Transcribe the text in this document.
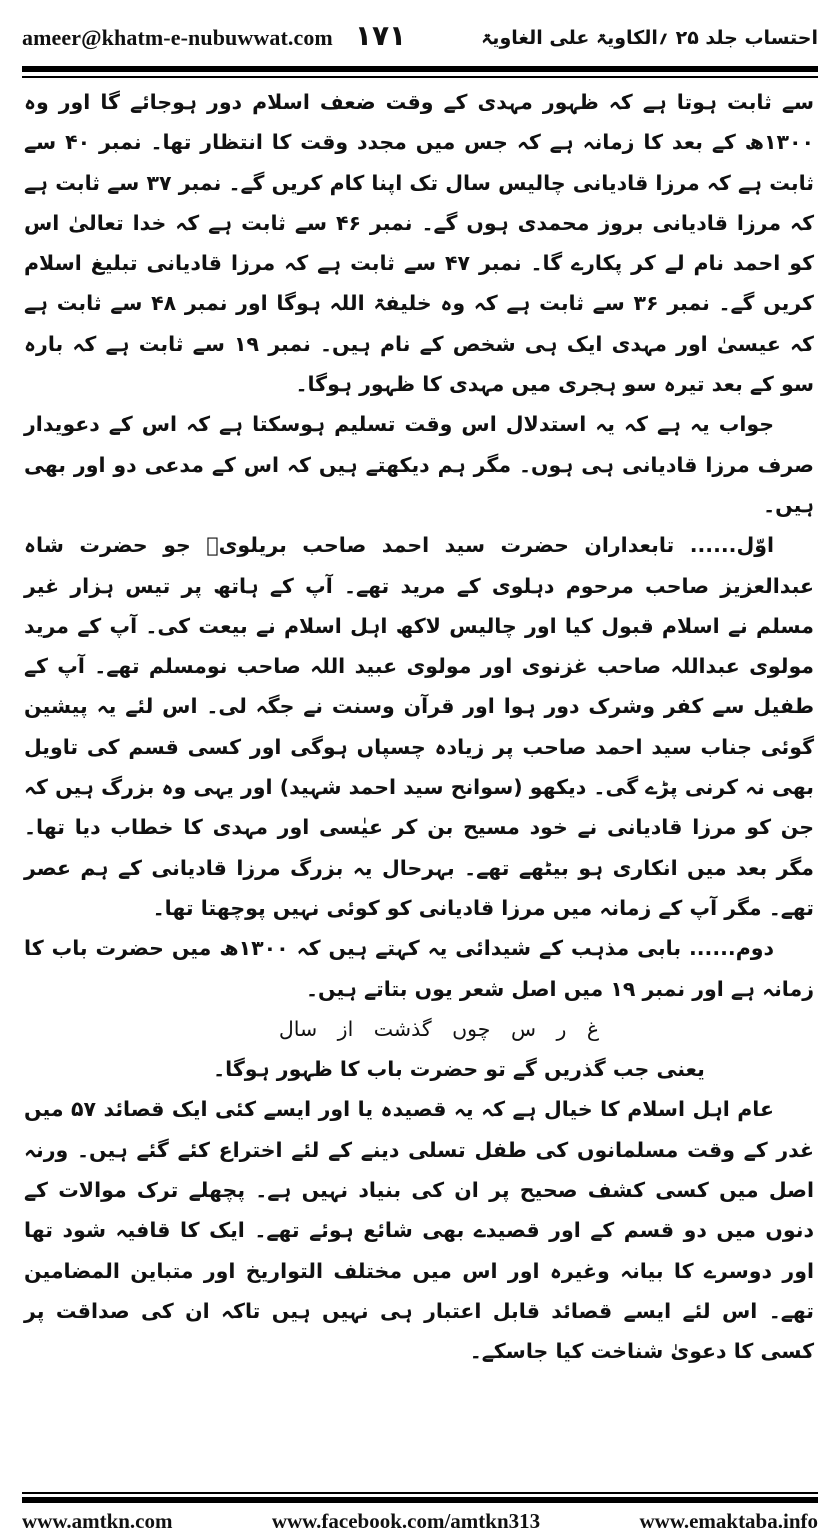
ameer@khatm-e-nubuwwat.com ۱۷۱	احتساب جلد ۲۵ ؍الکاویۃ علی الغاویۃ

سے ثابت ہوتا ہے کہ ظہور مہدی کے وقت ضعف اسلام دور ہوجائے گا اور وہ ۱۳۰۰ھ کے بعد کا زمانہ ہے کہ جس میں مجدد وقت کا انتظار تھا۔ نمبر ۴۰ سے ثابت ہے کہ مرزا قادیانی چالیس سال تک اپنا کام کریں گے۔ نمبر ۳۷ سے ثابت ہے کہ مرزا قادیانی بروز محمدی ہوں گے۔ نمبر ۴۶ سے ثابت ہے کہ خدا تعالیٰ اس کو احمد نام لے کر پکارے گا۔ نمبر ۴۷ سے ثابت ہے کہ مرزا قادیانی تبلیغ اسلام کریں گے۔ نمبر ۳۶ سے ثابت ہے کہ وہ خلیفۃ اللہ ہوگا اور نمبر ۴۸ سے ثابت ہے کہ عیسیٰ اور مہدی ایک ہی شخص کے نام ہیں۔ نمبر ۱۹ سے ثابت ہے کہ بارہ سو کے بعد تیرہ سو ہجری میں مہدی کا ظہور ہوگا۔

جواب یہ ہے کہ یہ استدلال اس وقت تسلیم ہوسکتا ہے کہ اس کے دعویدار صرف مرزا قادیانی ہی ہوں۔ مگر ہم دیکھتے ہیں کہ اس کے مدعی دو اور بھی ہیں۔

اوّل...... تابعداران حضرت سید احمد صاحب بریلویؒ جو حضرت شاہ عبدالعزیز صاحب مرحوم دہلوی کے مرید تھے۔ آپ کے ہاتھ پر تیس ہزار غیر مسلم نے اسلام قبول کیا اور چالیس لاکھ اہل اسلام نے بیعت کی۔ آپ کے مرید مولوی عبداللہ صاحب غزنوی اور مولوی عبید اللہ صاحب نومسلم تھے۔ آپ کے طفیل سے کفر وشرک دور ہوا اور قرآن وسنت نے جگہ لی۔ اس لئے یہ پیشین گوئی جناب سید احمد صاحب پر زیادہ چسپاں ہوگی اور کسی قسم کی تاویل بھی نہ کرنی پڑے گی۔ دیکھو (سوانح سید احمد شہید) اور یہی وہ بزرگ ہیں کہ جن کو مرزا قادیانی نے خود مسیح بن کر عیٰسی اور مہدی کا خطاب دیا تھا۔ مگر بعد میں انکاری ہو بیٹھے تھے۔ بہرحال یہ بزرگ مرزا قادیانی کے ہم عصر تھے۔ مگر آپ کے زمانہ میں مرزا قادیانی کو کوئی نہیں پوچھتا تھا۔

دوم...... بابی مذہب کے شیدائی یہ کہتے ہیں کہ ۱۳۰۰ھ میں حضرت باب کا زمانہ ہے اور نمبر ۱۹ میں اصل شعر یوں بتاتے ہیں۔

غ ر س چوں گذشت از سال

یعنی جب گذریں گے تو حضرت باب کا ظہور ہوگا۔

عام اہل اسلام کا خیال ہے کہ یہ قصیدہ یا اور ایسے کئی ایک قصائد ۵۷ میں غدر کے وقت مسلمانوں کی طفل تسلی دینے کے لئے اختراع کئے گئے ہیں۔ ورنہ اصل میں کسی کشف صحیح پر ان کی بنیاد نہیں ہے۔ پچھلے ترک موالات کے دنوں میں دو قسم کے اور قصیدے بھی شائع ہوئے تھے۔ ایک کا قافیہ شود تھا اور دوسرے کا بیانہ وغیرہ اور اس میں مختلف التواریخ اور متباین المضامین تھے۔ اس لئے ایسے قصائد قابل اعتبار ہی نہیں ہیں تاکہ ان کی صداقت پر کسی کا دعویٰ شناخت کیا جاسکے۔

www.amtkn.com	www.facebook.com/amtkn313	www.emaktaba.info
